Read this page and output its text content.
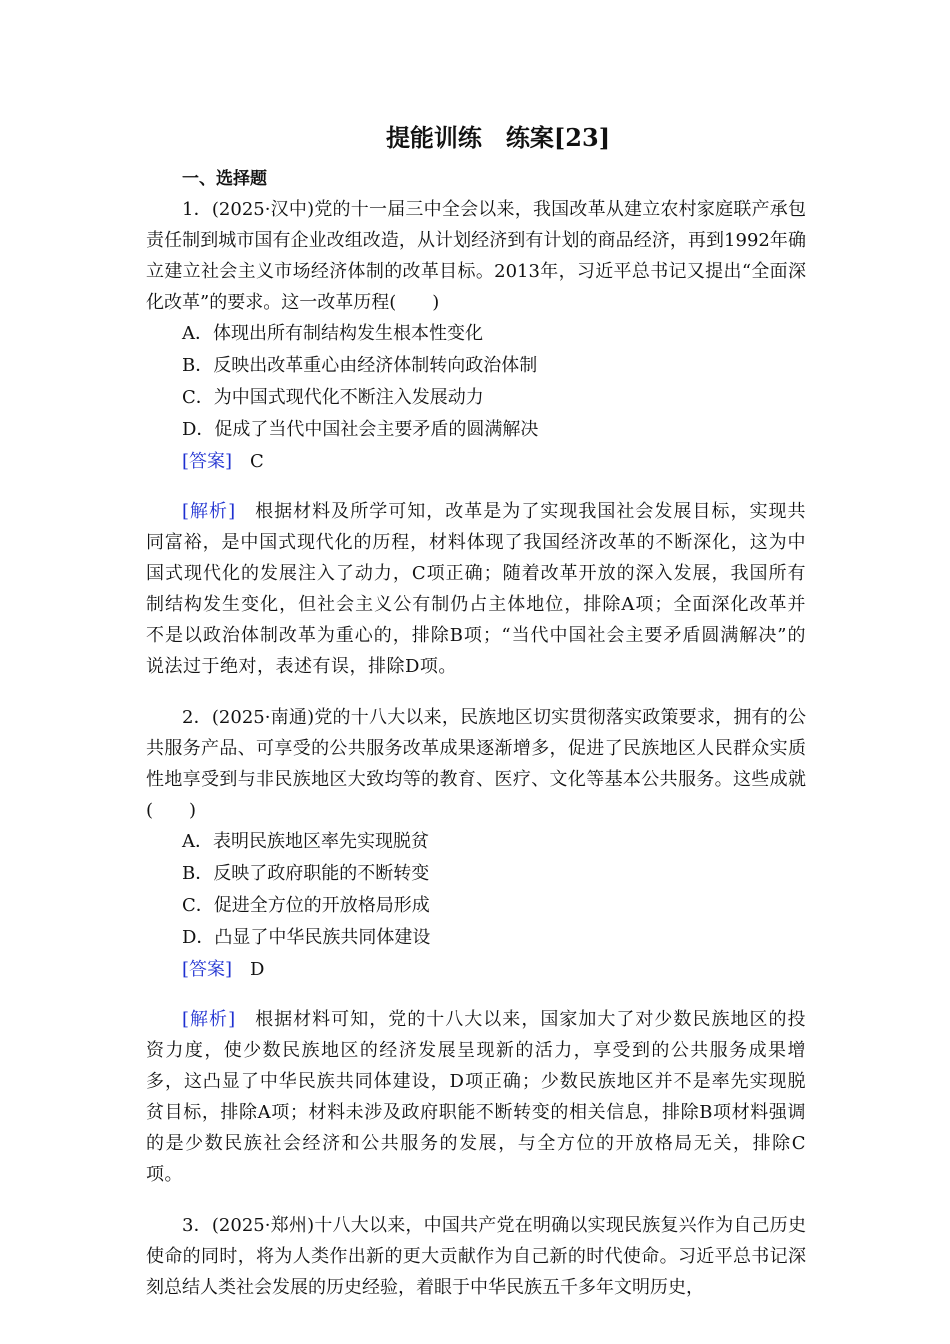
提能训练　练案[23]
一、选择题

1．(2025·汉中)党的十一届三中全会以来，我国改革从建立农村家庭联产承包责任制到城市国有企业改组改造，从计划经济到有计划的商品经济，再到1992年确立建立社会主义市场经济体制的改革目标。2013年，习近平总书记又提出“全面深化改革”的要求。这一改革历程(　　)

A．体现出所有制结构发生根本性变化
B．反映出改革重心由经济体制转向政治体制
C．为中国式现代化不断注入发展动力
D．促成了当代中国社会主要矛盾的圆满解决
[答案]　 C

[解析]　 根据材料及所学可知，改革是为了实现我国社会发展目标，实现共同富裕，是中国式现代化的历程，材料体现了我国经济改革的不断深化，这为中国式现代化的发展注入了动力，C项正确；随着改革开放的深入发展，我国所有制结构发生变化，但社会主义公有制仍占主体地位，排除A项；全面深化改革并不是以政治体制改革为重心的，排除B项；“当代中国社会主要矛盾圆满解决”的说法过于绝对，表述有误，排除D项。

2．(2025·南通)党的十八大以来，民族地区切实贯彻落实政策要求，拥有的公共服务产品、可享受的公共服务改革成果逐渐增多，促进了民族地区人民群众实质性地享受到与非民族地区大致均等的教育、医疗、文化等基本公共服务。这些成就(　　)

A．表明民族地区率先实现脱贫
B．反映了政府职能的不断转变
C．促进全方位的开放格局形成
D．凸显了中华民族共同体建设
[答案]　 D

[解析]　 根据材料可知，党的十八大以来，国家加大了对少数民族地区的投资力度，使少数民族地区的经济发展呈现新的活力，享受到的公共服务成果增多，这凸显了中华民族共同体建设，D项正确；少数民族地区并不是率先实现脱贫目标，排除A项；材料未涉及政府职能不断转变的相关信息，排除B项材料强调的是少数民族社会经济和公共服务的发展，与全方位的开放格局无关，排除C项。

3．(2025·郑州)十八大以来，中国共产党在明确以实现民族复兴作为自己历史使命的同时，将为人类作出新的更大贡献作为自己新的时代使命。习近平总书记深刻总结人类社会发展的历史经验，着眼于中华民族五千多年文明历史，
